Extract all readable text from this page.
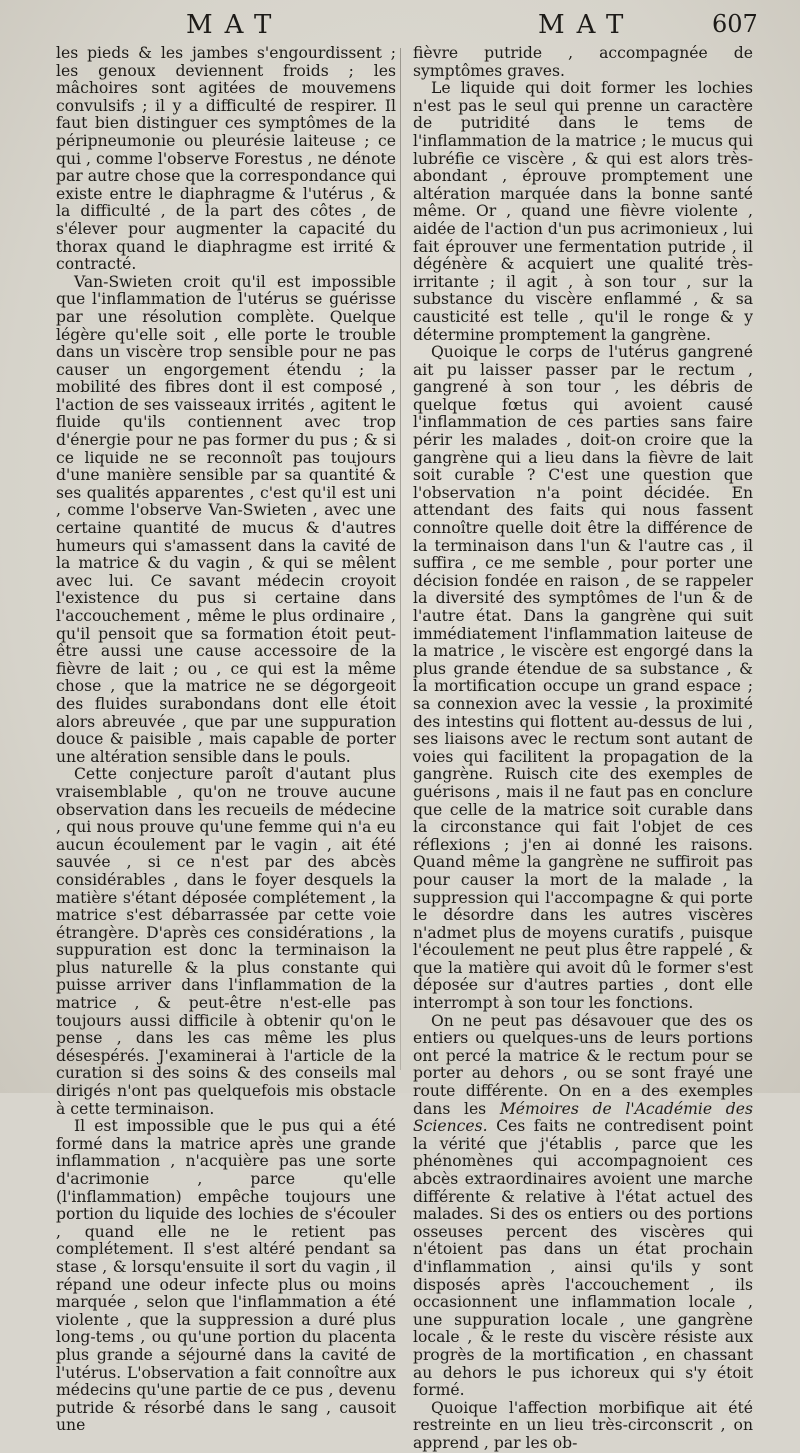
MAT	MAT	607

les pieds & les jambes s'engourdissent ; les genoux deviennent froids ; les mâchoires sont agitées de mouvemens convulsifs ; il y a difficulté de respirer. Il faut bien distinguer ces symptômes de la péripneumonie ou pleurésie laiteuse ; ce qui , comme l'observe Forestus , ne dénote par autre chose que la correspondance qui existe entre le diaphragme & l'utérus , & la difficulté , de la part des côtes , de s'élever pour augmenter la capacité du thorax quand le diaphragme est irrité & contracté.

Van-Swieten croit qu'il est impossible que l'inflammation de l'utérus se guérisse par une résolution complète. Quelque légère qu'elle soit , elle porte le trouble dans un viscère trop sensible pour ne pas causer un engorgement étendu ; la mobilité des fibres dont il est composé , l'action de ses vaisseaux irrités , agitent le fluide qu'ils contiennent avec trop d'énergie pour ne pas former du pus ; & si ce liquide ne se reconnoît pas toujours d'une manière sensible par sa quantité & ses qualités apparentes , c'est qu'il est uni , comme l'observe Van-Swieten , avec une certaine quantité de mucus & d'autres humeurs qui s'amassent dans la cavité de la matrice & du vagin , & qui se mêlent avec lui. Ce savant médecin croyoit l'existence du pus si certaine dans l'accouchement , même le plus ordinaire , qu'il pensoit que sa formation étoit peut-être aussi une cause accessoire de la fièvre de lait ; ou , ce qui est la même chose , que la matrice ne se dégorgeoit des fluides surabondans dont elle étoit alors abreuvée , que par une suppuration douce & paisible , mais capable de porter une altération sensible dans le pouls.

Cette conjecture paroît d'autant plus vraisemblable , qu'on ne trouve aucune observation dans les recueils de médecine , qui nous prouve qu'une femme qui n'a eu aucun écoulement par le vagin , ait été sauvée , si ce n'est par des abcès considérables , dans le foyer desquels la matière s'étant déposée complétement , la matrice s'est débarrassée par cette voie étrangère. D'après ces considérations , la suppuration est donc la terminaison la plus naturelle & la plus constante qui puisse arriver dans l'inflammation de la matrice , & peut-être n'est-elle pas toujours aussi difficile à obtenir qu'on le pense , dans les cas même les plus désespérés. J'examinerai à l'article de la curation si des soins & des conseils mal dirigés n'ont pas quelquefois mis obstacle à cette terminaison.

Il est impossible que le pus qui a été formé dans la matrice après une grande inflammation , n'acquière pas une sorte d'acrimonie , parce qu'elle (l'inflammation) empêche toujours une portion du liquide des lochies de s'écouler , quand elle ne le retient pas complétement. Il s'est altéré pendant sa stase , & lorsqu'ensuite il sort du vagin , il répand une odeur infecte plus ou moins marquée , selon que l'inflammation a été violente , que la suppression a duré plus long-tems , ou qu'une portion du placenta plus grande a séjourné dans la cavité de l'utérus. L'observation a fait connoître aux médecins qu'une partie de ce pus , devenu putride & résorbé dans le sang , causoit une

fièvre putride , accompagnée de symptômes graves.

Le liquide qui doit former les lochies n'est pas le seul qui prenne un caractère de putridité dans le tems de l'inflammation de la matrice ; le mucus qui lubréfie ce viscère , & qui est alors très-abondant , éprouve promptement une altération marquée dans la bonne santé même. Or , quand une fièvre violente , aidée de l'action d'un pus acrimonieux , lui fait éprouver une fermentation putride , il dégénère & acquiert une qualité très-irritante ; il agit , à son tour , sur la substance du viscère enflammé , & sa causticité est telle , qu'il le ronge & y détermine promptement la gangrène.

Quoique le corps de l'utérus gangrené ait pu laisser passer par le rectum , gangrené à son tour , les débris de quelque fœtus qui avoient causé l'inflammation de ces parties sans faire périr les malades , doit-on croire que la gangrène qui a lieu dans la fièvre de lait soit curable ? C'est une question que l'observation n'a point décidée. En attendant des faits qui nous fassent connoître quelle doit être la différence de la terminaison dans l'un & l'autre cas , il suffira , ce me semble , pour porter une décision fondée en raison , de se rappeler la diversité des symptômes de l'un & de l'autre état. Dans la gangrène qui suit immédiatement l'inflammation laiteuse de la matrice , le viscère est engorgé dans la plus grande étendue de sa substance , & la mortification occupe un grand espace ; sa connexion avec la vessie , la proximité des intestins qui flottent au-dessus de lui , ses liaisons avec le rectum sont autant de voies qui facilitent la propagation de la gangrène. Ruisch cite des exemples de guérisons , mais il ne faut pas en conclure que celle de la matrice soit curable dans la circonstance qui fait l'objet de ces réflexions ; j'en ai donné les raisons. Quand même la gangrène ne suffiroit pas pour causer la mort de la malade , la suppression qui l'accompagne & qui porte le désordre dans les autres viscères n'admet plus de moyens curatifs , puisque l'écoulement ne peut plus être rappelé , & que la matière qui avoit dû le former s'est déposée sur d'autres parties , dont elle interrompt à son tour les fonctions.

On ne peut pas désavouer que des os entiers ou quelques-uns de leurs portions ont percé la matrice & le rectum pour se porter au dehors , ou se sont frayé une route différente. On en a des exemples dans les Mémoires de l'Académie des Sciences. Ces faits ne contredisent point la vérité que j'établis , parce que les phénomènes qui accompagnoient ces abcès extraordinaires avoient une marche différente & relative à l'état actuel des malades. Si des os entiers ou des portions osseuses percent des viscères qui n'étoient pas dans un état prochain d'inflammation , ainsi qu'ils y sont disposés après l'accouchement , ils occasionnent une inflammation locale , une suppuration locale , une gangrène locale , & le reste du viscère résiste aux progrès de la mortification , en chassant au dehors le pus ichoreux qui s'y étoit formé.

Quoique l'affection morbifique ait été restreinte en un lieu très-circonscrit , on apprend , par les ob-
